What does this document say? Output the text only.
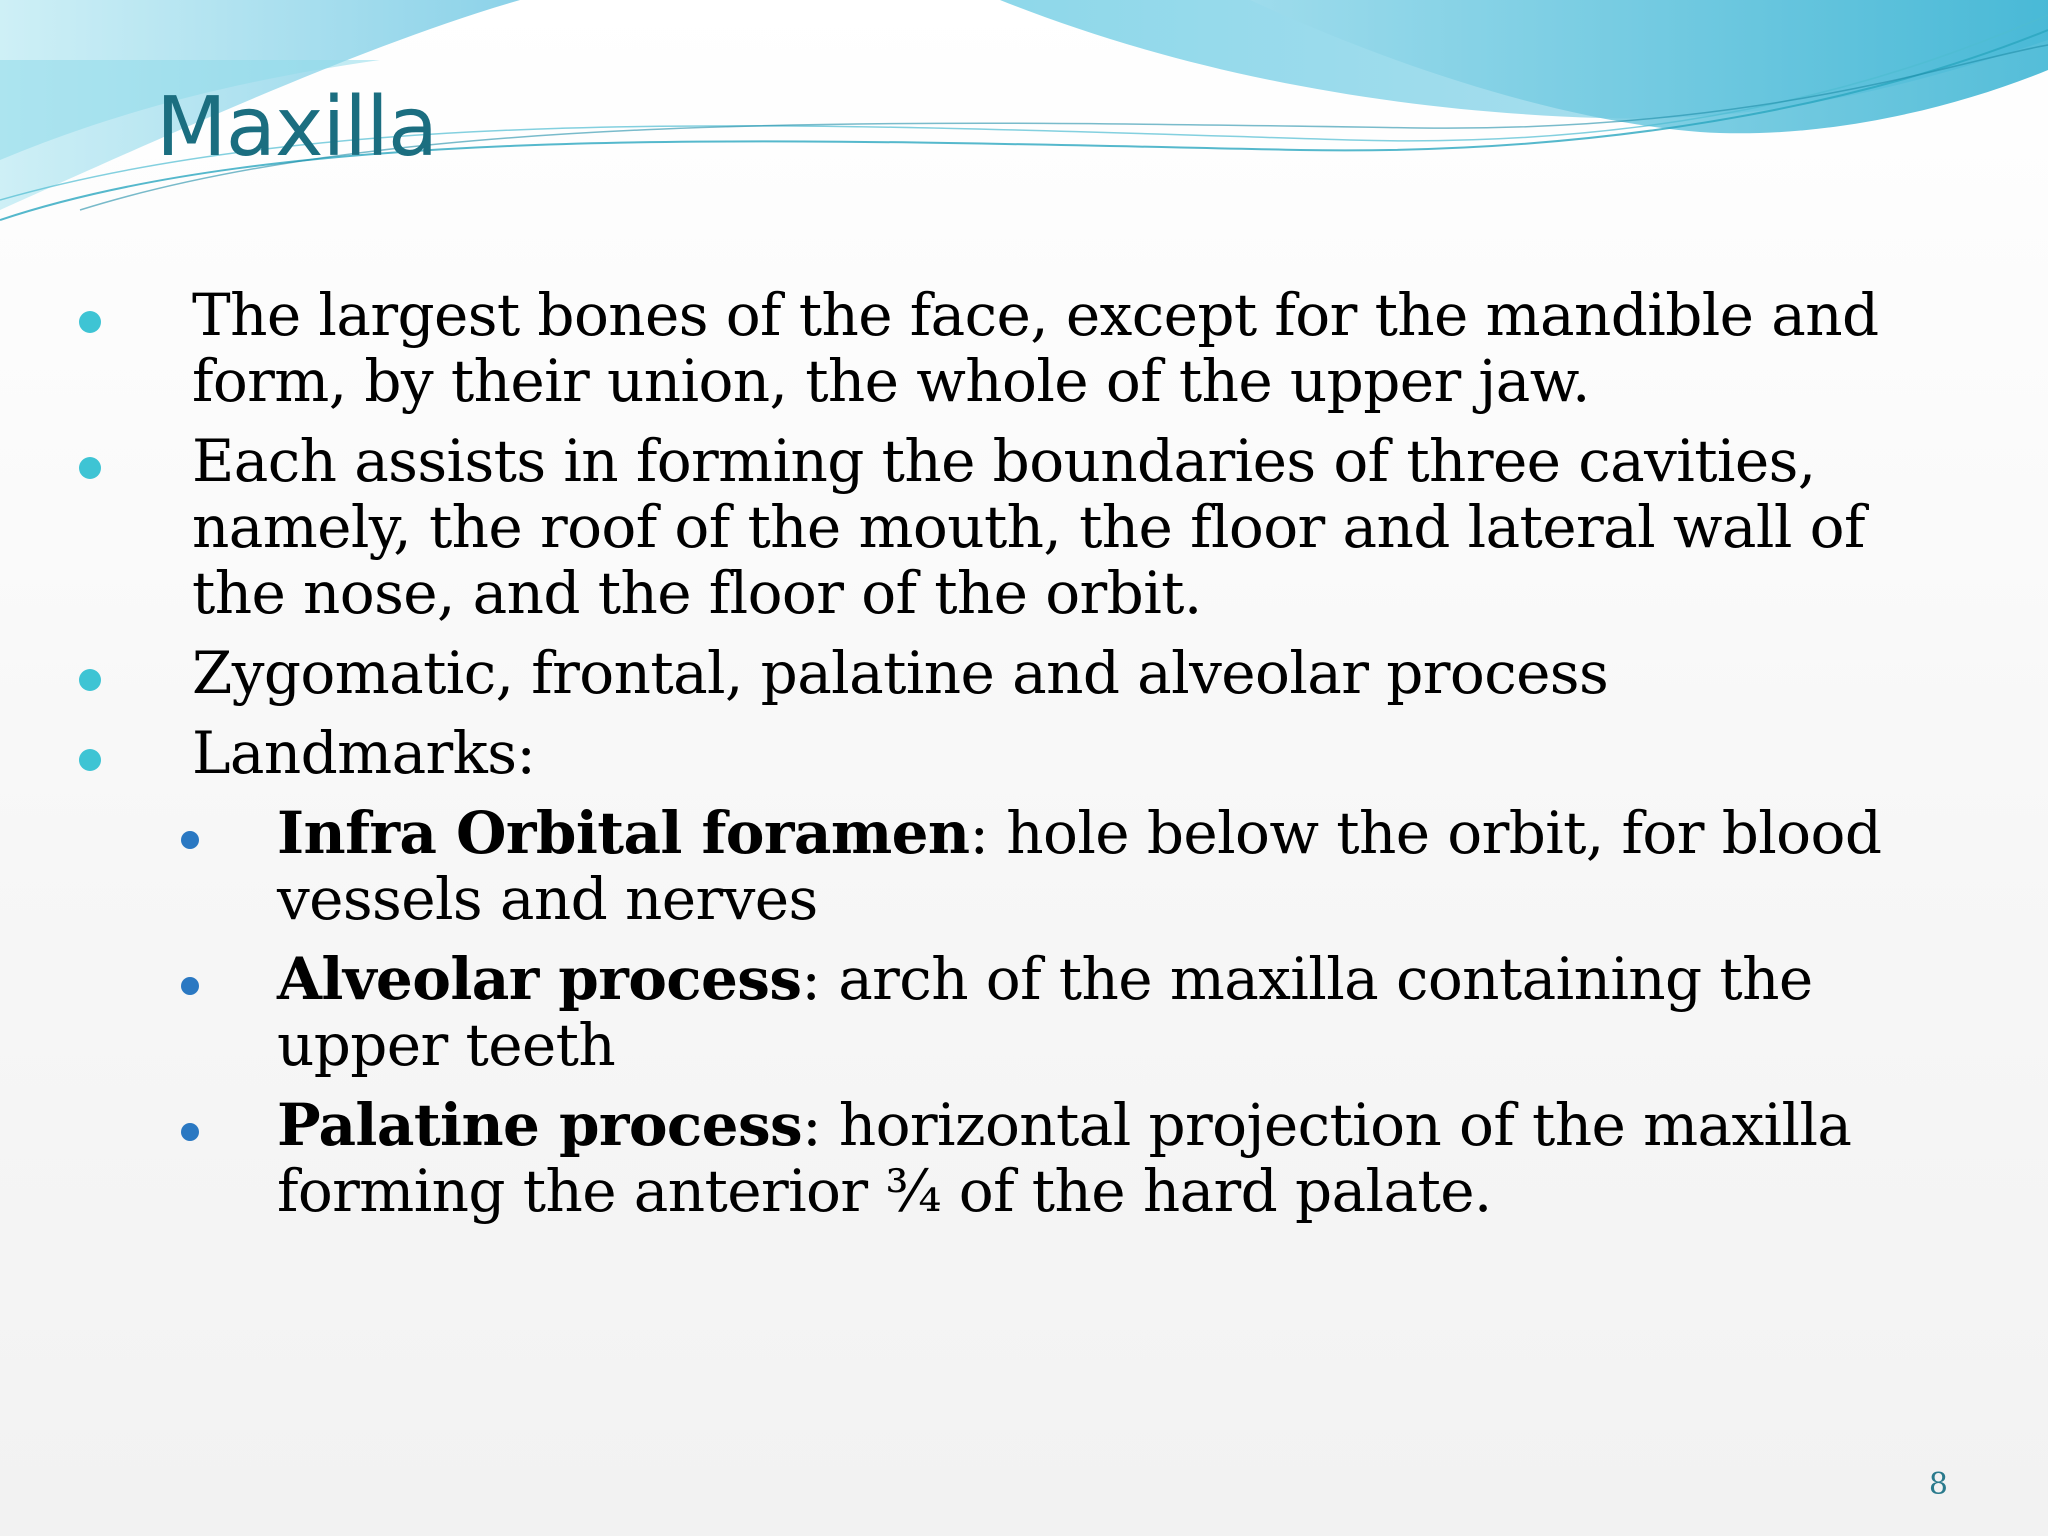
Maxilla

The largest bones of the face, except for the mandible and form, by their union, the whole of the upper jaw.

Each assists in forming the boundaries of three cavities, namely, the roof of the mouth, the floor and lateral wall of the nose, and the floor of the orbit.

Zygomatic, frontal, palatine and alveolar process

Landmarks:

Infra Orbital foramen: hole below the orbit, for blood vessels and nerves

Alveolar process: arch of the maxilla containing the upper teeth

Palatine process: horizontal projection of the maxilla forming the anterior ¾ of the hard palate.

8
